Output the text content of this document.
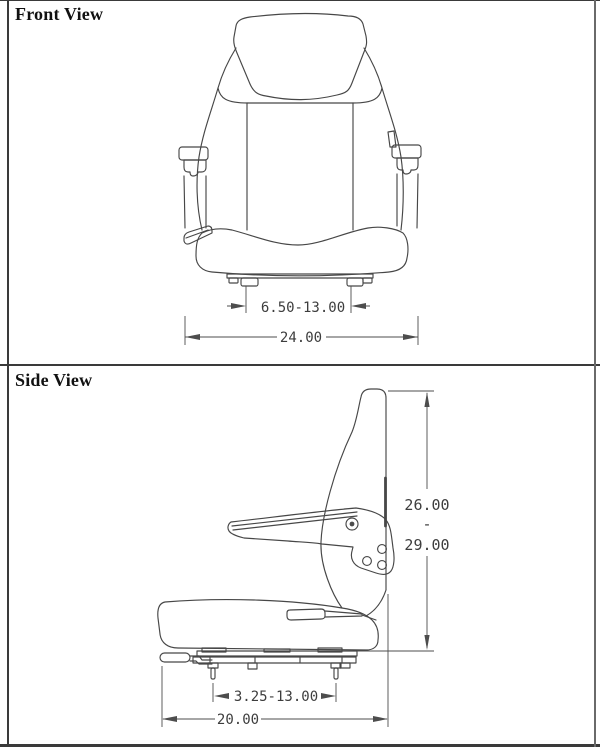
Front View
Side View
6.50-13.00
24.00
26.00
-
29.00
3.25-13.00
20.00
